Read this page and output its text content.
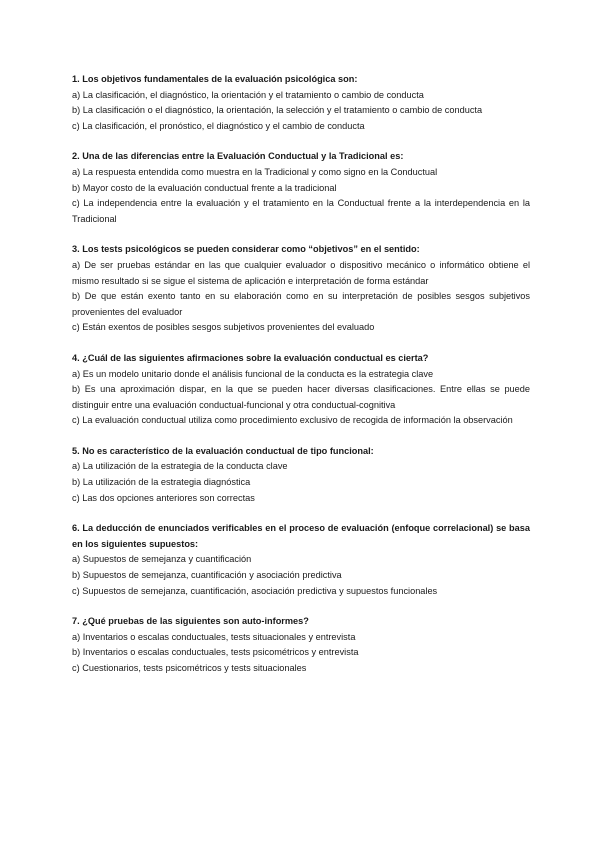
1. Los objetivos fundamentales de la evaluación psicológica son:

a) La clasificación, el diagnóstico, la orientación y el tratamiento o cambio de conducta

b) La clasificación o el diagnóstico, la orientación, la selección y el tratamiento o cambio de conducta

c) La clasificación, el pronóstico, el diagnóstico y el cambio de conducta

2. Una de las diferencias entre la Evaluación Conductual y la Tradicional es:

a) La respuesta entendida como muestra en la Tradicional y como signo en la Conductual

b) Mayor costo de la evaluación conductual frente a la tradicional

c) La independencia entre la evaluación y el tratamiento en la Conductual frente a la interdependencia en la Tradicional

3. Los tests psicológicos se pueden considerar como “objetivos” en el sentido:

a) De ser pruebas estándar en las que cualquier evaluador o dispositivo mecánico o informático obtiene el mismo resultado si se sigue el sistema de aplicación e interpretación de forma estándar

b) De que están exento tanto en su elaboración como en su interpretación de posibles sesgos subjetivos provenientes del evaluador

c) Están exentos de posibles sesgos subjetivos provenientes del evaluado

4. ¿Cuál de las siguientes afirmaciones sobre la evaluación conductual es cierta?

a) Es un modelo unitario donde el análisis funcional de la conducta es la estrategia clave

b) Es una aproximación dispar, en la que se pueden hacer diversas clasificaciones. Entre ellas se puede distinguir entre una evaluación conductual-funcional y otra conductual-cognitiva

c) La evaluación conductual utiliza como procedimiento exclusivo de recogida de información la observación

5. No es característico de la evaluación conductual de tipo funcional:

a) La utilización de la estrategia de la conducta clave

b) La utilización de la estrategia diagnóstica

c) Las dos opciones anteriores son correctas

6. La deducción de enunciados verificables en el proceso de evaluación (enfoque correlacional) se basa en los siguientes supuestos:

a) Supuestos de semejanza y cuantificación

b) Supuestos de semejanza, cuantificación y asociación predictiva

c) Supuestos de semejanza, cuantificación, asociación predictiva y supuestos funcionales

7. ¿Qué pruebas de las siguientes son auto-informes?

a) Inventarios o escalas conductuales, tests situacionales y entrevista

b) Inventarios o escalas conductuales, tests psicométricos y entrevista

c) Cuestionarios, tests psicométricos y tests situacionales
